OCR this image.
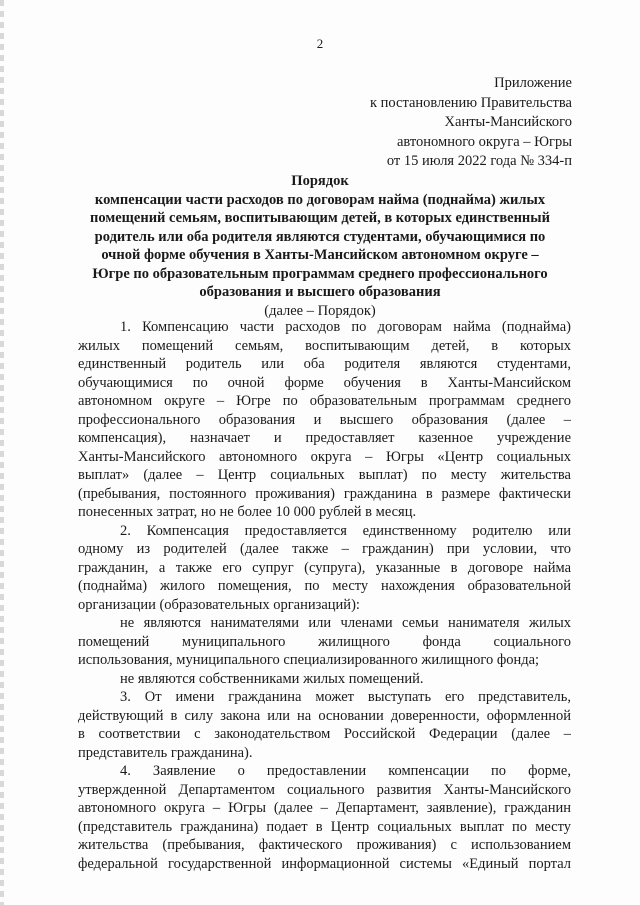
2
Приложение
к постановлению Правительства
Ханты-Мансийского
автономного округа – Югры
от 15 июля 2022 года № 334-п
Порядок
компенсации части расходов по договорам найма (поднайма) жилых
помещений семьям, воспитывающим детей, в которых единственный
родитель или оба родителя являются студентами, обучающимися по
очной форме обучения в Ханты-Мансийском автономном округе –
Югре по образовательным программам среднего профессионального
образования и высшего образования
(далее – Порядок)
1. Компенсацию части расходов по договорам найма (поднайма)
жилых помещений семьям, воспитывающим детей, в которых
единственный родитель или оба родителя являются студентами,
обучающимися по очной форме обучения в Ханты-Мансийском
автономном округе – Югре по образовательным программам среднего
профессионального образования и высшего образования (далее –
компенсация), назначает и предоставляет казенное учреждение
Ханты-Мансийского автономного округа – Югры «Центр социальных
выплат» (далее – Центр социальных выплат) по месту жительства
(пребывания, постоянного проживания) гражданина в размере фактически
понесенных затрат, но не более 10 000 рублей в месяц.
2. Компенсация предоставляется единственному родителю или
одному из родителей (далее также – гражданин) при условии, что
гражданин, а также его супруг (супруга), указанные в договоре найма
(поднайма) жилого помещения, по месту нахождения образовательной
организации (образовательных организаций):
не являются нанимателями или членами семьи нанимателя жилых
помещений муниципального жилищного фонда социального
использования, муниципального специализированного жилищного фонда;
не являются собственниками жилых помещений.
3. От имени гражданина может выступать его представитель,
действующий в силу закона или на основании доверенности, оформленной
в соответствии с законодательством Российской Федерации (далее –
представитель гражданина).
4. Заявление о предоставлении компенсации по форме,
утвержденной Департаментом социального развития Ханты-Мансийского
автономного округа – Югры (далее – Департамент, заявление), гражданин
(представитель гражданина) подает в Центр социальных выплат по месту
жительства (пребывания, фактического проживания) с использованием
федеральной государственной информационной системы «Единый портал
